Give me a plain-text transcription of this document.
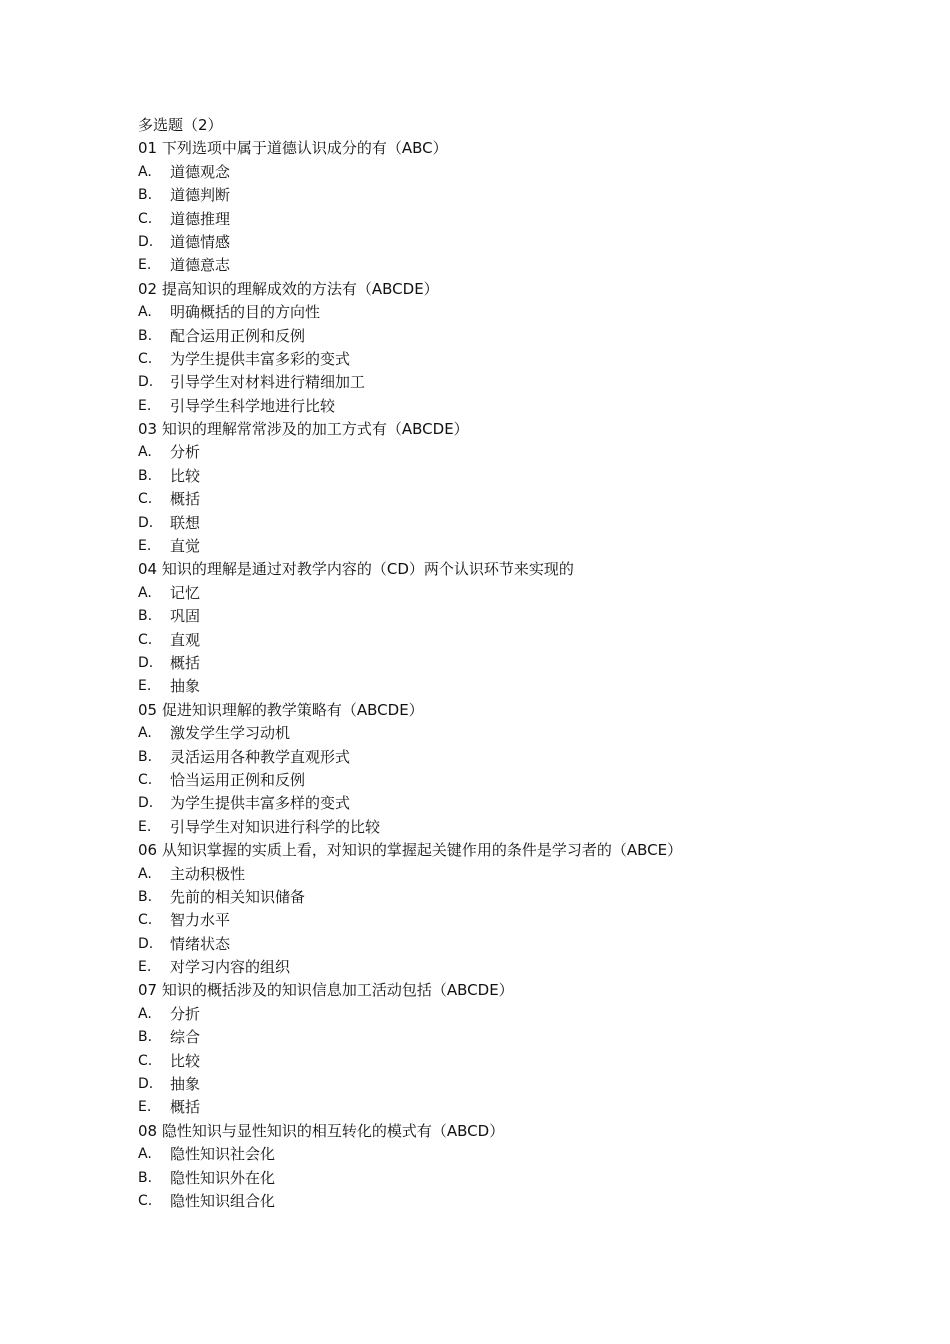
多选题（2）
01 下列选项中属于道德认识成分的有（ABC）
A.	道德观念
B.	道德判断
C.	道德推理
D.	道德情感
E.	道德意志
02 提高知识的理解成效的方法有（ABCDE）
A.	明确概括的目的方向性
B.	配合运用正例和反例
C.	为学生提供丰富多彩的变式
D.	引导学生对材料进行精细加工
E.	引导学生科学地进行比较
03 知识的理解常常涉及的加工方式有（ABCDE）
A.	分析
B.	比较
C.	概括
D.	联想
E.	直觉
04 知识的理解是通过对教学内容的（CD）两个认识环节来实现的
A.	记忆
B.	巩固
C.	直观
D.	概括
E.	抽象
05 促进知识理解的教学策略有（ABCDE）
A.	激发学生学习动机
B.	灵活运用各种教学直观形式
C.	恰当运用正例和反例
D.	为学生提供丰富多样的变式
E.	引导学生对知识进行科学的比较
06 从知识掌握的实质上看，对知识的掌握起关键作用的条件是学习者的（ABCE）
A.	主动积极性
B.	先前的相关知识储备
C.	智力水平
D.	情绪状态
E.	对学习内容的组织
07 知识的概括涉及的知识信息加工活动包括（ABCDE）
A.	分折
B.	综合
C.	比较
D.	抽象
E.	概括
08 隐性知识与显性知识的相互转化的模式有（ABCD）
A.	隐性知识社会化
B.	隐性知识外在化
C.	隐性知识组合化
